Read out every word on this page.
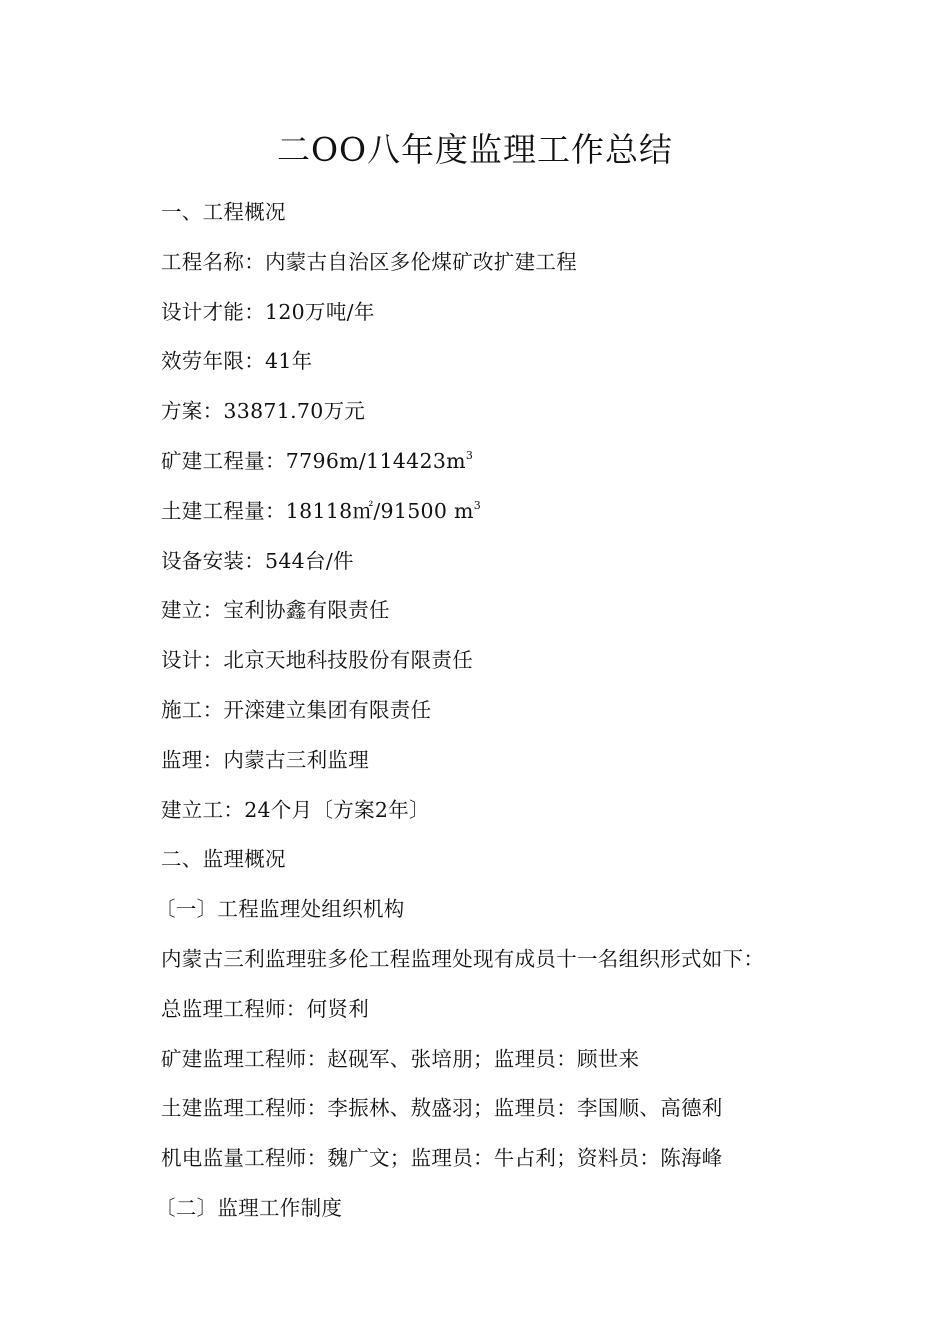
二OO八年度监理工作总结
一、工程概况
工程名称：内蒙古自治区多伦煤矿改扩建工程
设计才能：120万吨/年
效劳年限：41年
方案：33871.70万元
矿建工程量：$7796m/114423m^3$
土建工程量：18118㎡/91500 $m^3$
设备安装：544台/件
建立：宝利协鑫有限责任
设计：北京天地科技股份有限责任
施工：开滦建立集团有限责任
监理：内蒙古三利监理
建立工：24个月〔方案2年〕
二、监理概况
〔一〕工程监理处组织机构
内蒙古三利监理驻多伦工程监理处现有成员十一名组织形式如下：
总监理工程师：何贤利
矿建监理工程师：赵砚军、张培朋；监理员：顾世来
土建监理工程师：李振林、敖盛羽；监理员：李国顺、高德利
机电监量工程师：魏广文；监理员：牛占利；资料员：陈海峰
〔二〕监理工作制度
